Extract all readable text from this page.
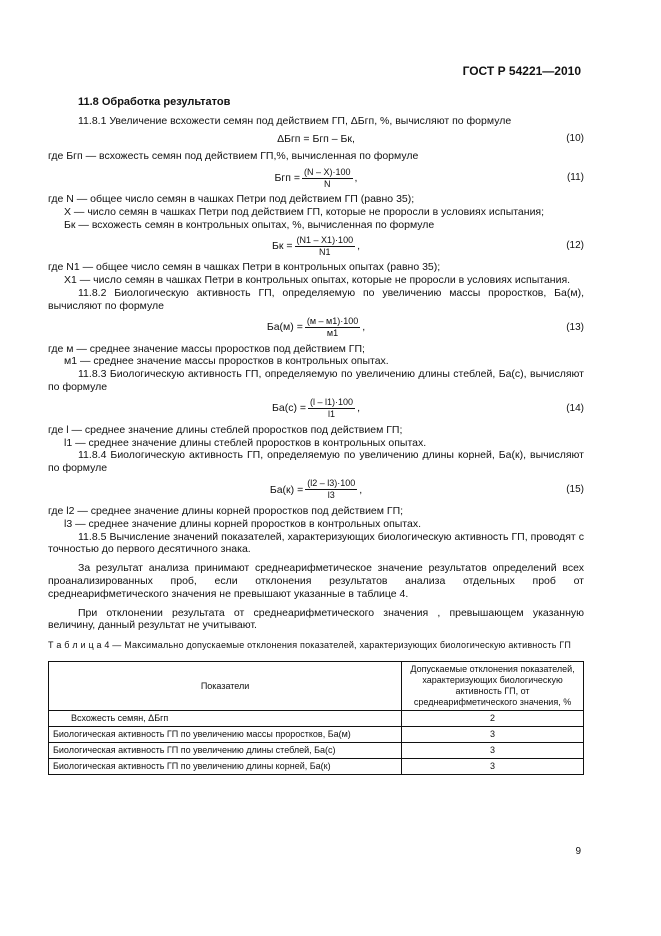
ГОСТ Р 54221—2010

11.8 Обработка результатов

11.8.1 Увеличение всхожести семян под действием ГП, ΔБгп, %, вычисляют по формуле

ΔБгп = Бгп – Бк,	(10)

где Бгп — всхожесть семян под действием ГП,%, вычисленная по формуле

Бгп = $\frac{(N - X)\cdot 100}{N}$ ,	(11)

где N — общее число семян в чашках Петри под действием ГП (равно 35);

X — число семян в чашках Петри под действием ГП, которые не проросли в условиях испытания;

Бк — всхожесть семян в контрольных опытах, %, вычисленная по формуле

Бк = $\frac{(N1 - X1)\cdot 100}{N1}$ ,	(12)

где N1 — общее число семян в чашках Петри в контрольных опытах (равно 35);

X1 — число семян в чашках Петри в контрольных опытах, которые не проросли в условиях испытания.

11.8.2 Биологическую активность ГП, определяемую по увеличению массы проростков, Ба(м), вычисляют по формуле

$Ба(м) = \frac{(м - м1)\cdot 100}{м1}$ ,	(13)

где м — среднее значение массы проростков под действием ГП;

м1 — среднее значение массы проростков в контрольных опытах.

11.8.3 Биологическую активность ГП, определяемую по увеличению длины стеблей, Ба(с), вычисляют по формуле

$Ба(с) = \frac{(l - l1)\cdot 100}{l1}$ ,	(14)

где l — среднее значение длины стеблей проростков под действием ГП;

l1 — среднее значение длины стеблей проростков в контрольных опытах.

11.8.4 Биологическую активность ГП, определяемую по увеличению длины корней, Ба(к), вычисляют по формуле

$Ба(к) = \frac{(l2 - l3)\cdot 100}{l3}$ ,	(15)

где l2 — среднее значение длины корней проростков под действием ГП;

l3 — среднее значение длины корней проростков в контрольных опытах.

11.8.5 Вычисление значений показателей, характеризующих биологическую активность ГП, проводят с точностью до первого десятичного знака.

За результат анализа принимают среднеарифметическое значение результатов определений всех проанализированных проб, если отклонения результатов анализа отдельных проб от среднеарифметического значения не превышают указанные в таблице 4.

При отклонении результата от среднеарифметического значения , превышающем указанную величину, данный результат не учитывают.

Т а б л и ц а 4 — Максимально допускаемые отклонения показателей, характеризующих биологическую активность ГП

Показатели	Допускаемые отклонения показателей, характеризующих биологическую активность ГП, от среднеарифметического значения, %
Всхожесть семян, ΔБгп	2
Биологическая активность ГП по увеличению массы проростков, Ба(м)	3
Биологическая активность ГП по увеличению длины стеблей, Ба(с)	3
Биологическая активность ГП по увеличению длины корней, Ба(к)	3
9
